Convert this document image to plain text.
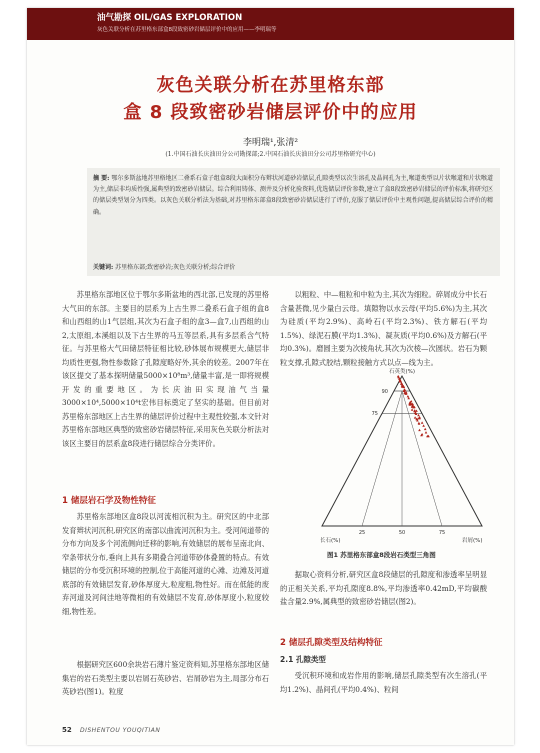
油气勘探 OIL/GAS EXPLORATION
灰色关联分析在苏里格东部盒8段致密砂岩储层评价中的应用——李明瑞等
灰色关联分析在苏里格东部
盒 8 段致密砂岩储层评价中的应用
李明瑞¹,张清²
(1.中国石油长庆油田分公司勘探部;2.中国石油长庆油田分公司苏里格研究中心)
摘 要: 鄂尔多斯盆地苏里格地区二叠系石盒子组盒8段大面积分布辫状河道砂岩储层,孔隙类型以次生溶孔及晶间孔为主,喉道类型以片状喉道和片状喉道为主,储层非均质性强,属典型的致密砂岩储层。综合利用铸体、测井及分析化验资料,优选储层评价参数,建立了盒8段致密砂岩储层的评价标准,将研究区的储层类型划分为四类。以灰色关联分析法为基础,对苏里格东部盒8段致密砂岩储层进行了评价,克服了储层评价中主观性问题,提高储层综合评价的精确。
关键词: 苏里格东部;致密砂岩;灰色关联分析;综合评价

苏里格东部地区位于鄂尔多斯盆地的西北部,已发现的苏里格大气田的东部。主要目的层系为上古生界二叠系石盒子组的盒8和山西组的山1气层组,其次为石盒子组的盒3—盒7,山西组的山2,太原组,本溪组以及下古生界的马五等层系,具有多层系含气特征。与苏里格大气田储层特征相比较,砂体展布规模更大,储层非均质性更强,物性参数除了孔隙度略好外,其余的较差。2007年在该区提交了基本探明储量5000×10⁸m³,储量丰富,是一即将规模开发的重要地区。为长庆油田实现油气当量3000×10⁴,5000×10⁴t宏伟目标奠定了坚实的基础。但目前对苏里格东部地区上古生界的储层评价过程中主观性较强,本文针对苏里格东部地区典型的致密砂岩储层特征,采用灰色关联分析法对该区主要目的层系盒8段进行储层综合分类评价。

1 储层岩石学及物性特征

苏里格东部地区盒8段以河流相沉积为主。研究区的中北部发育辫状河沉积,研究区的南部以曲流河沉积为主。受河间道带的分布方向及多个河流侧向迁移的影响,有效储层的展布呈南北向、窄条带状分布,垂向上具有多期叠合河道带砂体叠置的特点。有效储层的分布受沉积环境的控制,位于高能河道的心滩、边滩及河道底部的有效储层发育,砂体厚度大,粒度粗,物性好。而在低能的废弃河道及河间洼地等微相的有效储层不发育,砂体厚度小,粒度较细,物性差。

根据研究区600余块岩石薄片鉴定资料知,苏里格东部地区储集岩的岩石类型主要以岩屑石英砂岩、岩屑砂岩为主,局部分布石英砂岩(图1)。粒度

以粗粒、中—粗粒和中粒为主,其次为细粒。碎屑成分中长石含量甚微,见少量白云母。填隙物以水云母(平均5.6%)为主,其次为硅质(平均2.9%)、高岭石(平均2.3%)、铁方解石(平均1.5%)、绿泥石膜(平均1.3%)、凝灰质(平均0.6%)及方解石(平均0.3%)。磨圆主要为次棱角状,其次为次棱—次圆状。岩石为颗粒支撑,孔隙式胶结,颗粒接触方式以点—线为主。

石英类(%)
90
75
25	50	75
长石(%)	岩屑(%)
图1 苏里格东部盒8段岩石类型三角图

据取心资料分析,研究区盒8段储层的孔隙度和渗透率呈明显的正相关关系,平均孔隙度8.8%,平均渗透率0.42mD,平均碳酸盐含量2.9%,属典型的致密砂岩储层(图2)。

2 储层孔隙类型及结构特征
2.1 孔隙类型

受沉积环境和成岩作用的影响,储层孔隙类型有次生溶孔(平均1.2%)、晶间孔(平均0.4%)、粒间

52 DISHENTOU YOUQITIAN
